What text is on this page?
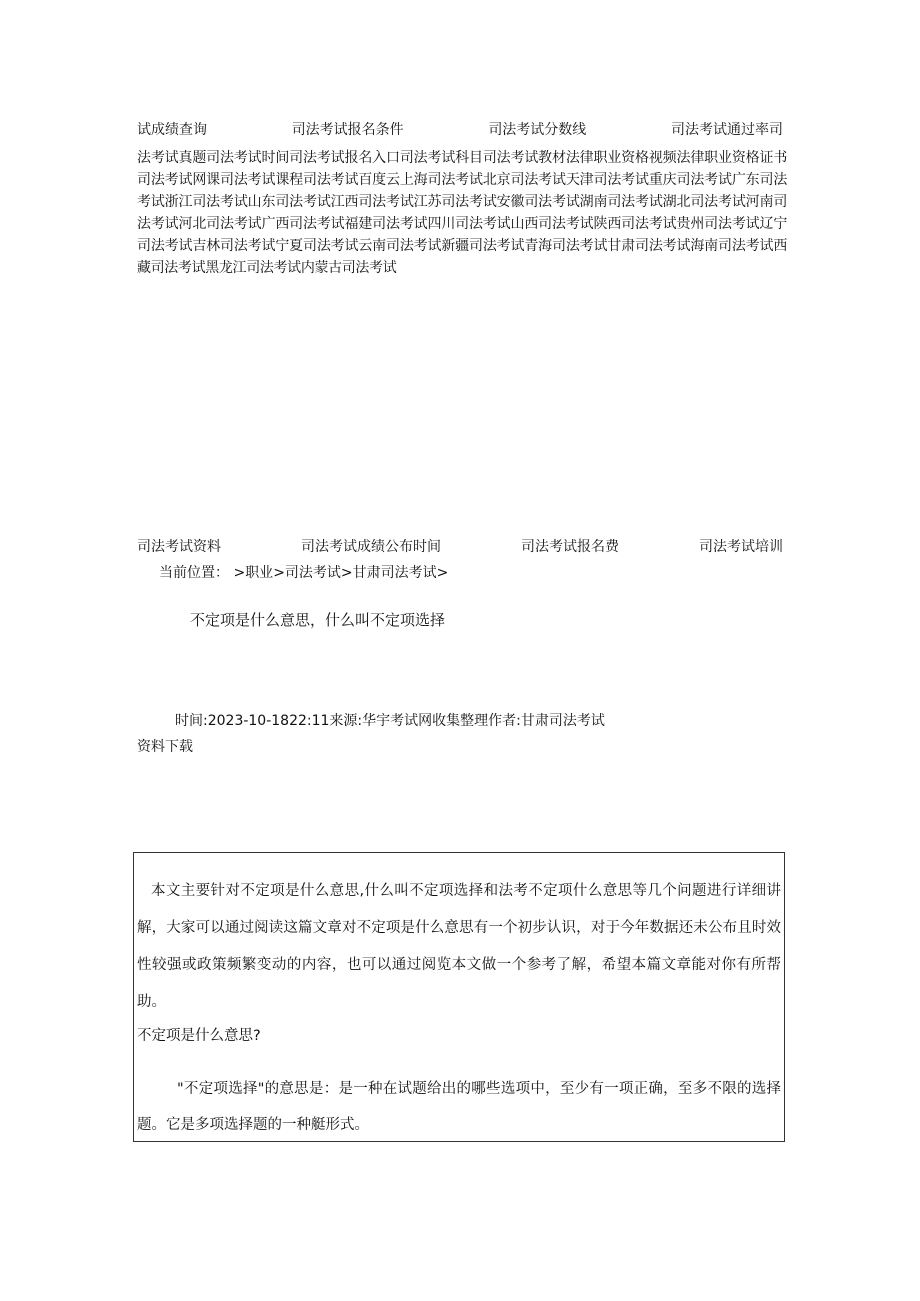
试成绩查询	司法考试报名条件	司法考试分数线	司法考试通过率司
法考试真题司法考试时间司法考试报名入口司法考试科目司法考试教材法律职业资格视频法律职业资格证书司法考试网课司法考试课程司法考试百度云上海司法考试北京司法考试天津司法考试重庆司法考试广东司法考试浙江司法考试山东司法考试江西司法考试江苏司法考试安徽司法考试湖南司法考试湖北司法考试河南司法考试河北司法考试广西司法考试福建司法考试四川司法考试山西司法考试陕西司法考试贵州司法考试辽宁司法考试吉林司法考试宁夏司法考试云南司法考试新疆司法考试青海司法考试甘肃司法考试海南司法考试西藏司法考试黑龙江司法考试内蒙古司法考试
司法考试资料	司法考试成绩公布时间	司法考试报名费	司法考试培训
当前位置： >职业>司法考试>甘肃司法考试>
不定项是什么意思，什么叫不定项选择
时间:2023-10-1822:11来源:华宇考试网收集整理作者:甘肃司法考试
资料下载

本文主要针对不定项是什么意思,什么叫不定项选择和法考不定项什么意思等几个问题进行详细讲解，大家可以通过阅读这篇文章对不定项是什么意思有一个初步认识，对于今年数据还未公布且时效性较强或政策频繁变动的内容，也可以通过阅览本文做一个参考了解，希望本篇文章能对你有所帮助。

不定项是什么意思?

"不定项选择"的意思是：是一种在试题给出的哪些选项中，至少有一项正确，至多不限的选择题。它是多项选择题的一种艇形式。
